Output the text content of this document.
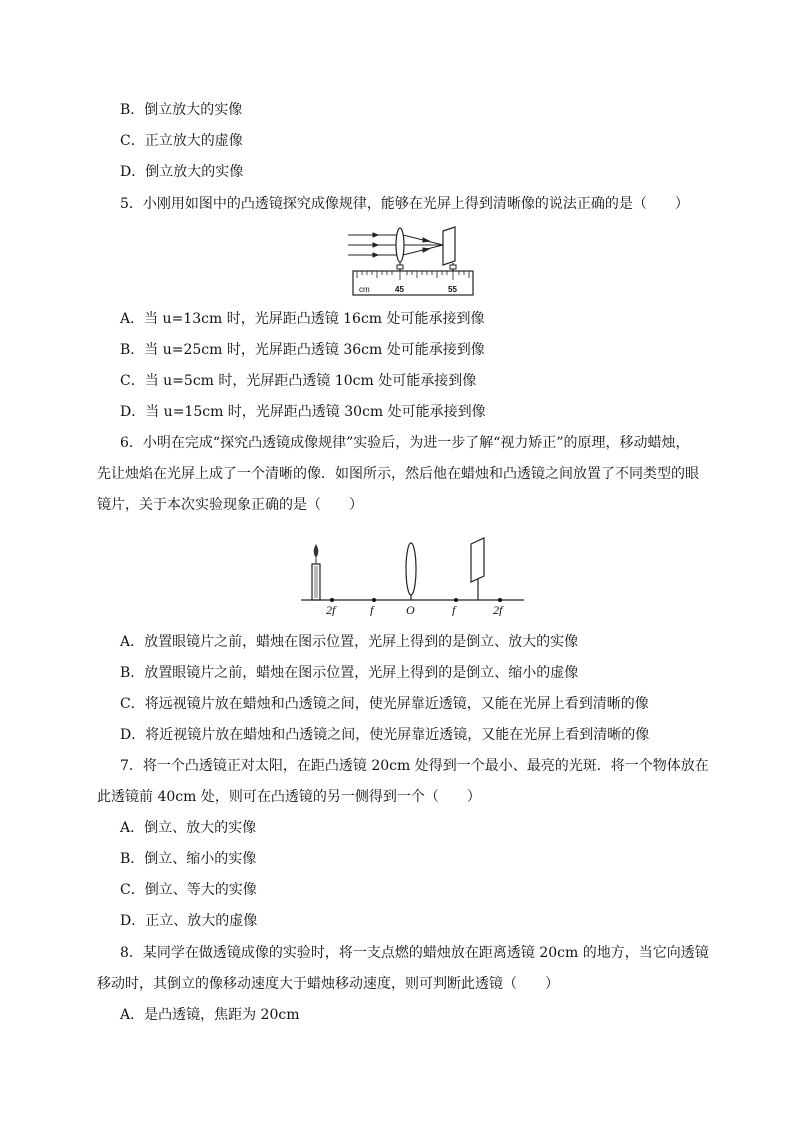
B．倒立放大的实像
C．正立放大的虚像
D．倒立放大的实像
5．小刚用如图中的凸透镜探究成像规律，能够在光屏上得到清晰像的说法正确的是（　　）
cm	45	55
A．当 u=13cm 时，光屏距凸透镜 16cm 处可能承接到像
B．当 u=25cm 时，光屏距凸透镜 36cm 处可能承接到像
C．当 u=5cm 时，光屏距凸透镜 10cm 处可能承接到像
D．当 u=15cm 时，光屏距凸透镜 30cm 处可能承接到像
6．小明在完成“探究凸透镜成像规律”实验后，为进一步了解“视力矫正”的原理，移动蜡烛，
先让烛焰在光屏上成了一个清晰的像．如图所示，然后他在蜡烛和凸透镜之间放置了不同类型的眼
镜片，关于本次实验现象正确的是（　　）
2f	f	O	f	2f
A．放置眼镜片之前，蜡烛在图示位置，光屏上得到的是倒立、放大的实像
B．放置眼镜片之前，蜡烛在图示位置，光屏上得到的是倒立、缩小的虚像
C．将远视镜片放在蜡烛和凸透镜之间，使光屏靠近透镜，又能在光屏上看到清晰的像
D．将近视镜片放在蜡烛和凸透镜之间，使光屏靠近透镜，又能在光屏上看到清晰的像
7．将一个凸透镜正对太阳，在距凸透镜 20cm 处得到一个最小、最亮的光斑．将一个物体放在
此透镜前 40cm 处，则可在凸透镜的另一侧得到一个（　　）
A．倒立、放大的实像
B．倒立、缩小的实像
C．倒立、等大的实像
D．正立、放大的虚像
8．某同学在做透镜成像的实验时，将一支点燃的蜡烛放在距离透镜 20cm 的地方，当它向透镜
移动时，其倒立的像移动速度大于蜡烛移动速度，则可判断此透镜（　　）
A．是凸透镜，焦距为 20cm
